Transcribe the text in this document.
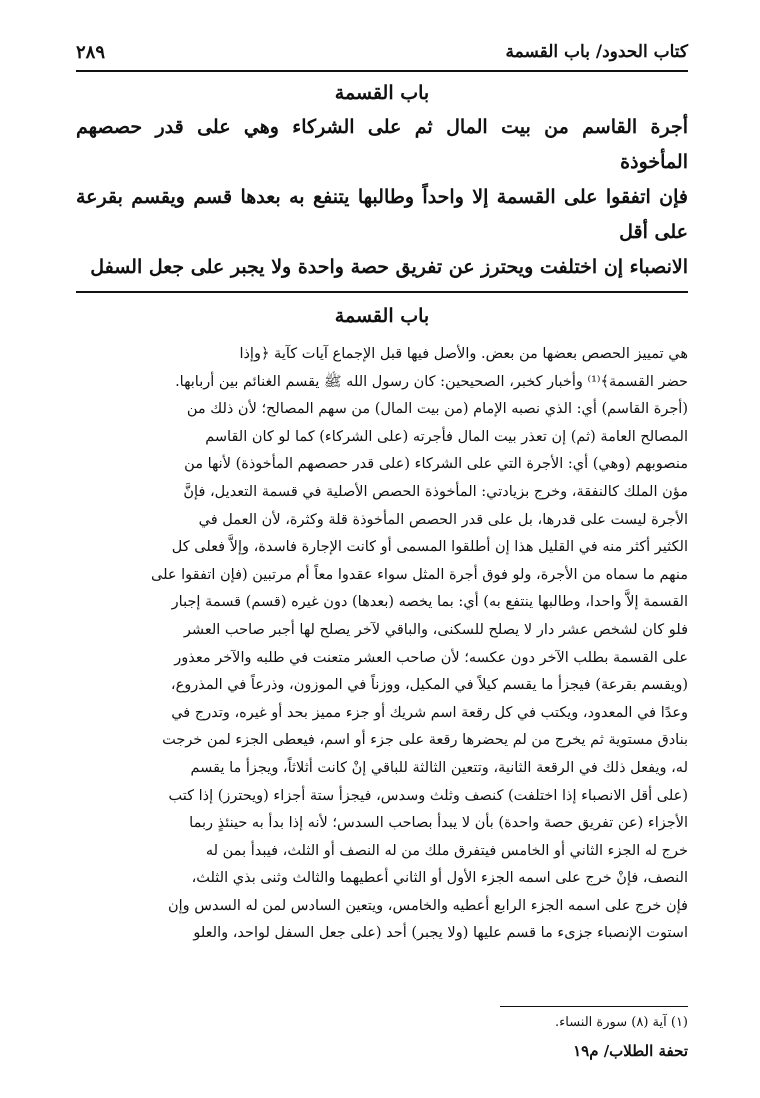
كتاب الحدود/ باب القسمة
٢٨٩
باب القسمة

أجرة القاسم من بيت المال ثم على الشركاء وهي على قدر حصصهم المأخوذة

فإن اتفقوا على القسمة إلا واحداً وطالبها يتنفع به بعدها قسم ويقسم بقرعة على أقل

الانصباء إن اختلفت ويحترز عن تفريق حصة واحدة ولا يجبر على جعل السفل

باب القسمة

هي تمييز الحصص بعضها من بعض. والأصل فيها قبل الإجماع آيات كآية ﴿وإذا

حضر القسمة﴾⁽¹⁾ وأخبار كخبر، الصحيحين: كان رسول الله ﷺ يقسم الغنائم بين أربابها.

(أجرة القاسم) أي: الذي نصبه الإمام (من بيت المال) من سهم المصالح؛ لأن ذلك من

المصالح العامة (ثم) إن تعذر بيت المال فأجرته (على الشركاء) كما لو كان القاسم

منصوبهم (وهي) أي: الأجرة التي على الشركاء (على قدر حصصهم المأخوذة) لأنها من

مؤن الملك كالنفقة، وخرج بزيادتي: المأخوذة الحصص الأصلية في قسمة التعديل، فإنَّ

الأجرة ليست على قدرها، بل على قدر الحصص المأخوذة قلة وكثرة، لأن العمل في

الكثير أكثر منه في القليل هذا إن أطلقوا المسمى أو كانت الإجارة فاسدة، وإلاَّ فعلى كل

منهم ما سماه من الأجرة، ولو فوق أجرة المثل سواء عقدوا معاً أم مرتبين (فإن اتفقوا على

القسمة إلاَّ واحدا، وطالبها ينتفع به) أي: بما يخصه (بعدها) دون غيره (قسم) قسمة إجبار

فلو كان لشخص عشر دار لا يصلح للسكنى، والباقي لآخر يصلح لها أجبر صاحب العشر

على القسمة بطلب الآخر دون عكسه؛ لأن صاحب العشر متعنت في طلبه والآخر معذور

(ويقسم بقرعة) فيجزأ ما يقسم كيلاً في المكيل، ووزناً في الموزون، وذرعاً في المذروع،

وعدًا في المعدود، ويكتب في كل رقعة اسم شريك أو جزء مميز بحد أو غيره، وتدرج في

بنادق مستوية ثم يخرج من لم يحضرها رقعة على جزء أو اسم، فيعطى الجزء لمن خرجت

له، ويفعل ذلك في الرقعة الثانية، وتتعين الثالثة للباقي إنْ كانت أثلاثاً، ويجزأ ما يقسم

(على أقل الانصباء إذا اختلفت) كنصف وثلث وسدس، فيجزأ ستة أجزاء (ويحترز) إذا كتب

الأجزاء (عن تفريق حصة واحدة) بأن لا يبدأ بصاحب السدس؛ لأنه إذا بدأ به حينئذٍ ربما

خرج له الجزء الثاني أو الخامس فيتفرق ملك من له النصف أو الثلث، فيبدأ بمن له

النصف، فإنْ خرج على اسمه الجزء الأول أو الثاني أعطيهما والثالث وثنى بذي الثلث،

فإن خرج على اسمه الجزء الرابع أعطيه والخامس، ويتعين السادس لمن له السدس وإن

استوت الإنصباء جزىء ما قسم عليها (ولا يجبر) أحد (على جعل السفل لواحد، والعلو

(١) آية (٨) سورة النساء.
تحفة الطلاب/ م١٩
